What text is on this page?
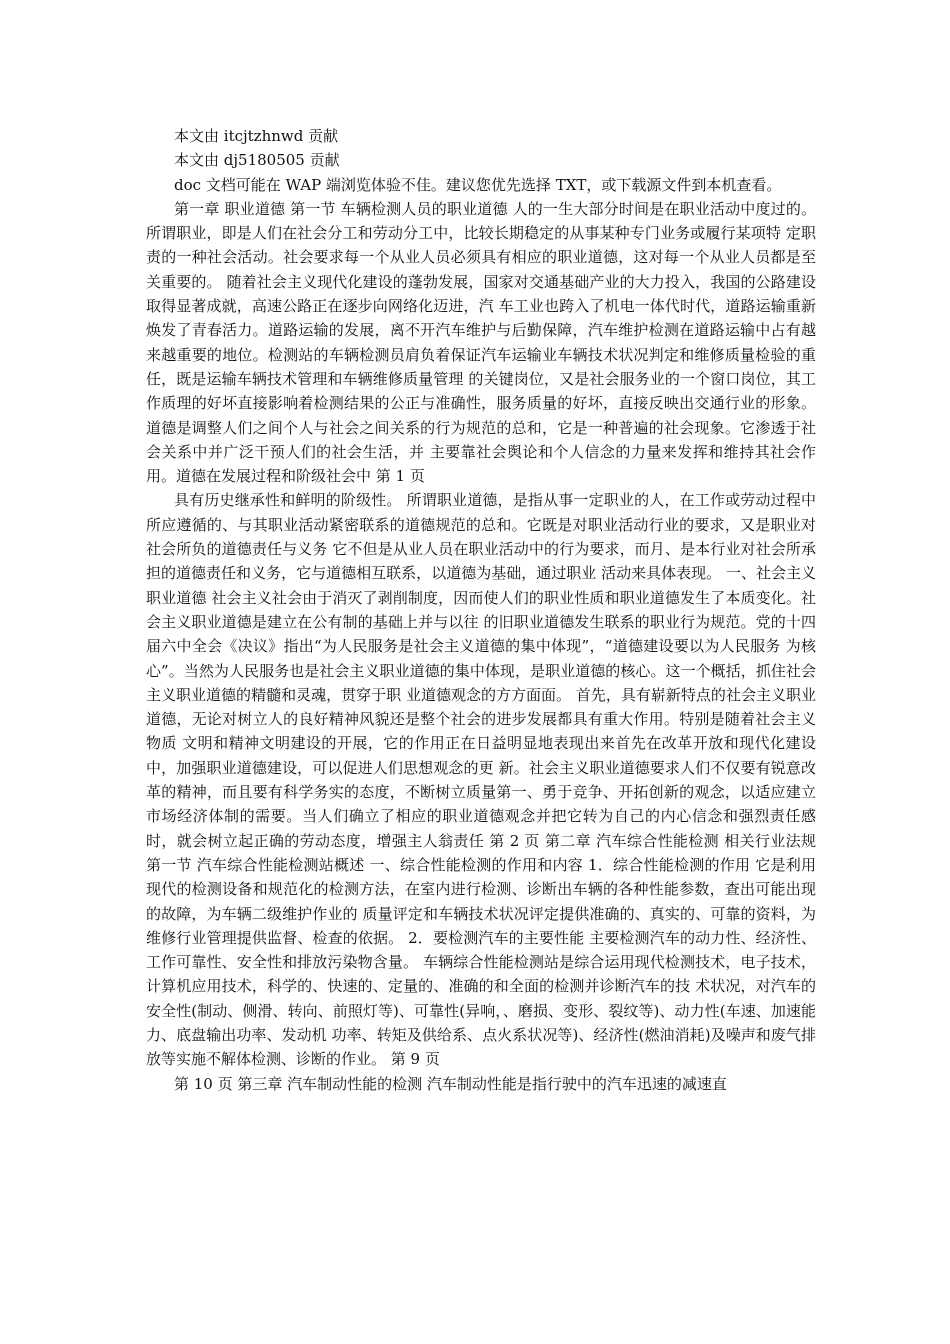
本文由 itcjtzhnwd 贡献

本文由 dj5180505 贡献

doc 文档可能在 WAP 端浏览体验不佳。建议您优先选择 TXT，或下载源文件到本机查看。

第一章 职业道德 第一节 车辆检测人员的职业道德 人的一生大部分时间是在职业活动中度过的。所谓职业，即是人们在社会分工和劳动分工中，比较长期稳定的从事某种专门业务或履行某项特 定职责的一种社会活动。社会要求每一个从业人员必须具有相应的职业道德，这对每一个从业人员都是至关重要的。 随着社会主义现代化建设的蓬勃发展，国家对交通基础产业的大力投入，我国的公路建设取得显著成就，高速公路正在逐步向网络化迈进，汽 车工业也跨入了机电一体代时代，道路运输重新焕发了青春活力。道路运输的发展，离不开汽车维护与后勤保障，汽车维护检测在道路运输中占有越 来越重要的地位。检测站的车辆检测员肩负着保证汽车运输业车辆技术状况判定和维修质量检验的重任，既是运输车辆技术管理和车辆维修质量管理 的关键岗位，又是社会服务业的一个窗口岗位，其工作质理的好坏直接影响着检测结果的公正与准确性，服务质量的好坏，直接反映出交通行业的形象。 道德是调整人们之间个人与社会之间关系的行为规范的总和，它是一种普遍的社会现象。它渗透于社会关系中并广泛干预人们的社会生活，并 主要靠社会舆论和个人信念的力量来发挥和维持其社会作用。道德在发展过程和阶级社会中 第 1 页

具有历史继承性和鲜明的阶级性。 所谓职业道德，是指从事一定职业的人，在工作或劳动过程中所应遵循的、与其职业活动紧密联系的道德规范的总和。它既是对职业活动行业的要求，又是职业对社会所负的道德责任与义务 它不但是从业人员在职业活动中的行为要求，而月、是本行业对社会所承担的道德责任和义务，它与道德相互联系，以道德为基础，通过职业 活动来具体表现。 一、社会主义职业道德 社会主义社会由于消灭了剥削制度，因而使人们的职业性质和职业道德发生了本质变化。社会主义职业道德是建立在公有制的基础上并与以往 的旧职业道德发生联系的职业行为规范。党的十四届六中全会《决议》指出“为人民服务是社会主义道德的集中体现”，“道德建设要以为人民服务 为核心”。当然为人民服务也是社会主义职业道德的集中体现，是职业道德的核心。这一个概括，抓住社会主义职业道德的精髓和灵魂，贯穿于职 业道德观念的方方面面。 首先，具有崭新特点的社会主义职业道德，无论对树立人的良好精神风貌还是整个社会的进步发展都具有重大作用。特别是随着社会主义物质 文明和精神文明建设的开展，它的作用正在日益明显地表现出来首先在改革开放和现代化建设中，加强职业道德建设，可以促进人们思想观念的更 新。社会主义职业道德要求人们不仅要有锐意改革的精神，而且要有科学务实的态度，不断树立质量第一、勇于竞争、开拓创新的观念，以适应建立 市场经济体制的需要。当人们确立了相应的职业道德观念并把它转为自己的内心信念和强烈责任感时，就会树立起正确的劳动态度，增强主人翁责任 第 2 页 第二章 汽车综合性能检测 相关行业法规 第一节 汽车综合性能检测站概述 一、综合性能检测的作用和内容 1．综合性能检测的作用 它是利用现代的检测设备和规范化的检测方法，在室内进行检测、诊断出车辆的各种性能参数，查出可能出现的故障，为车辆二级维护作业的 质量评定和车辆技术状况评定提供准确的、真实的、可靠的资料，为维修行业管理提供监督、检查的依据。 2．要检测汽车的主要性能 主要检测汽车的动力性、经济性、工作可靠性、安全性和排放污染物含量。 车辆综合性能检测站是综合运用现代检测技术，电子技术，计算机应用技术，科学的、快速的、定量的、准确的和全面的检测并诊断汽车的技 术状况，对汽车的安全性(制动、侧滑、转向、前照灯等)、可靠性(异响，、磨损、变形、裂纹等)、动力性(车速、加速能力、底盘输出功率、发动机 功率、转矩及供给系、点火系状况等)、经济性(燃油消耗)及噪声和废气排放等实施不解体检测、诊断的作业。 第 9 页

第 10 页 第三章 汽车制动性能的检测 汽车制动性能是指行驶中的汽车迅速的减速直
